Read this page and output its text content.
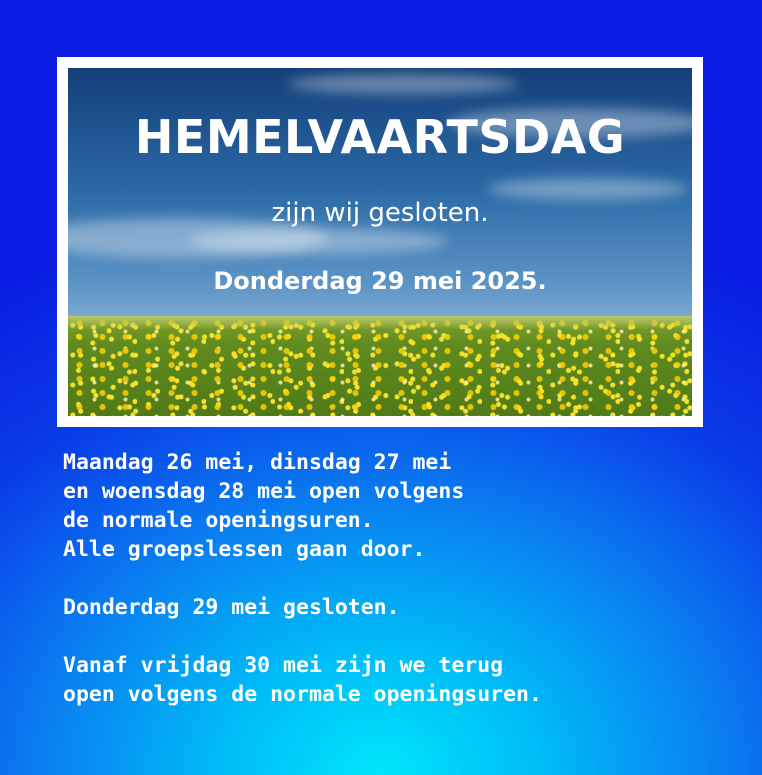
HEMELVAARTSDAG
zijn wij gesloten.
Donderdag 29 mei 2025.

Maandag 26 mei, dinsdag 27 mei

en woensdag 28 mei open volgens

de normale openingsuren.

Alle groepslessen gaan door.

Donderdag 29 mei gesloten.

Vanaf vrijdag 30 mei zijn we terug

open volgens de normale openingsuren.
